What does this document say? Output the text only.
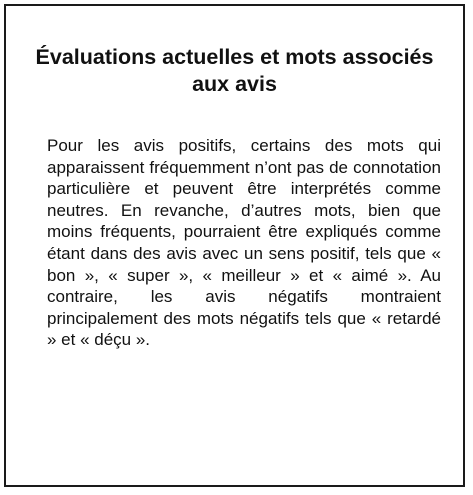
Évaluations actuelles et mots associés aux avis
Pour les avis positifs, certains des mots qui apparaissent fréquemment n’ont pas de connotation particulière et peuvent être interprétés comme neutres. En revanche, d’autres mots, bien que moins fréquents, pourraient être expliqués comme étant dans des avis avec un sens positif, tels que « bon », « super », « meilleur » et « aimé ». Au contraire, les avis négatifs montraient principalement des mots négatifs tels que « retardé » et « déçu ».
